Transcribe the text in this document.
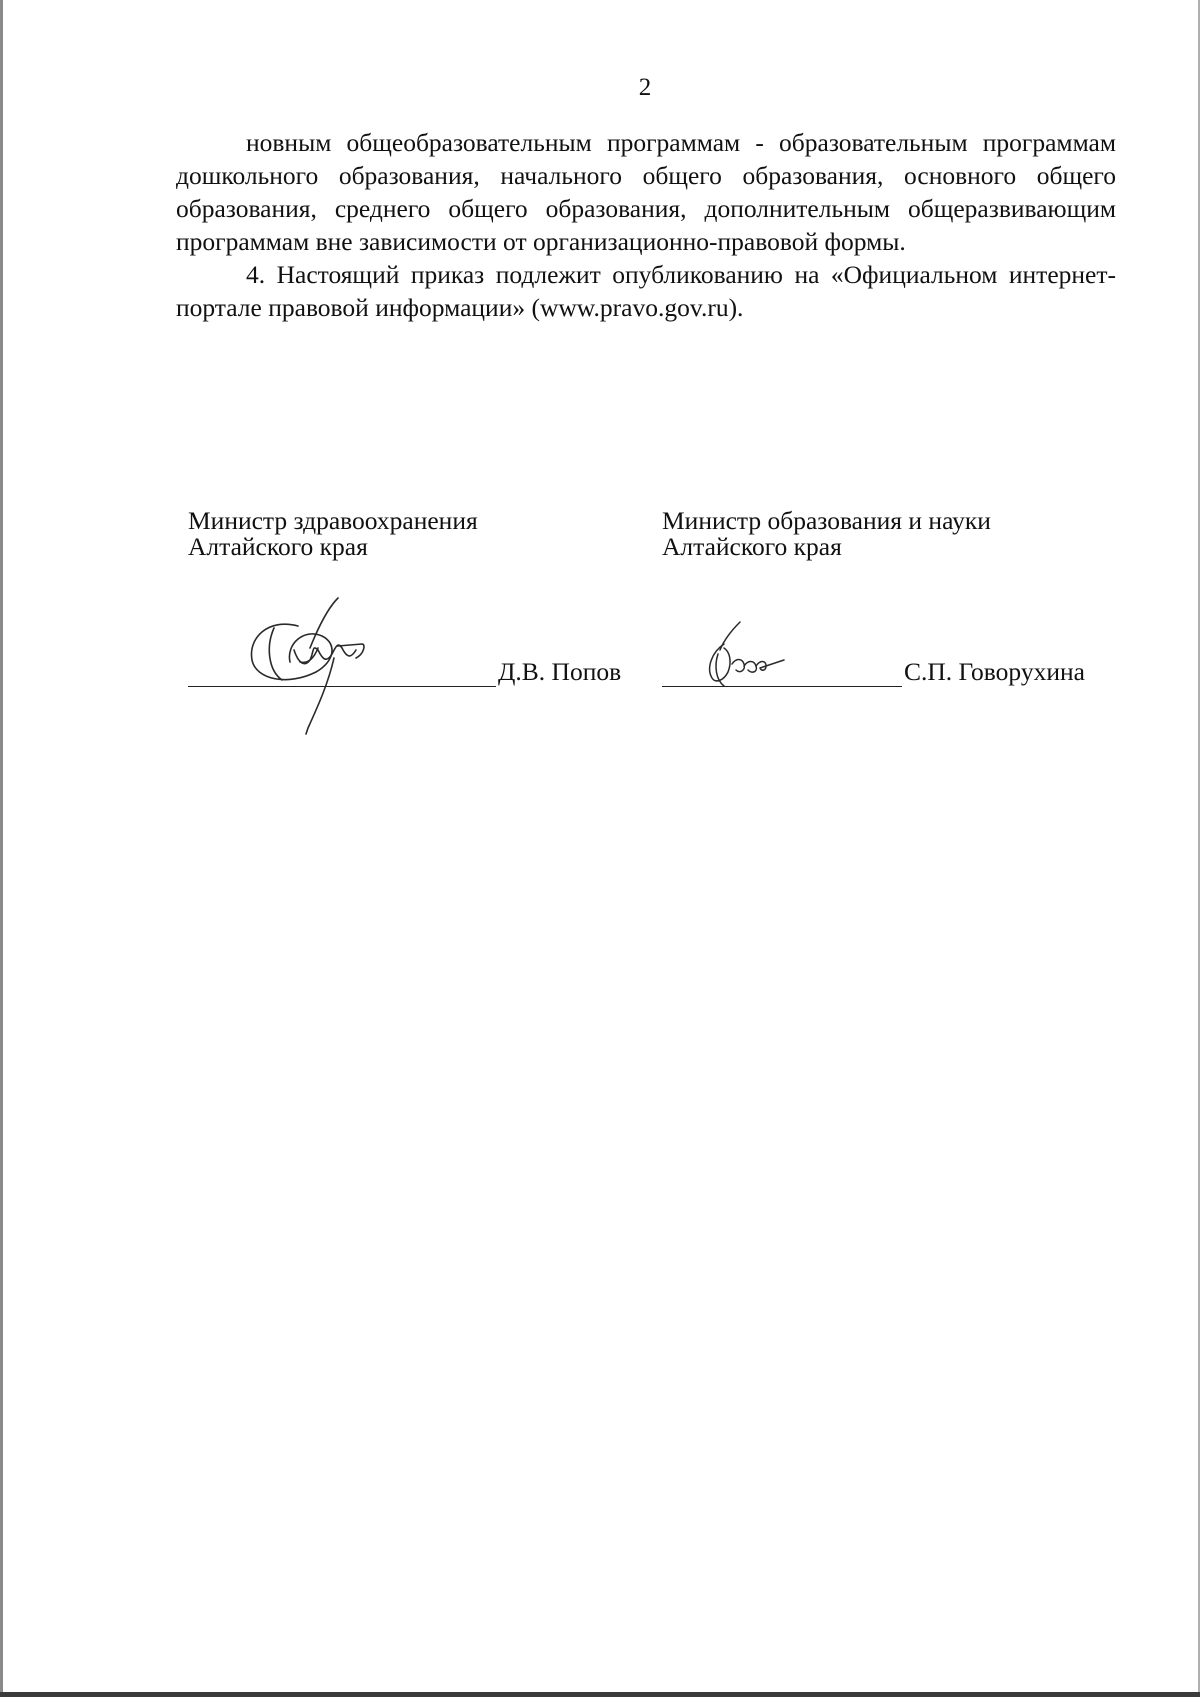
2

новным общеобразовательным программам - образовательным программам дошкольного образования, начального общего образования, основного общего образования, среднего общего образования, дополнительным общеразвивающим программам вне зависимости от организационно-правовой формы.

4. Настоящий приказ подлежит опубликованию на «Официальном интернет-портале правовой информации» (www.pravo.gov.ru).

Министр здравоохранения
Алтайского края
Д.В. Попов
Министр образования и науки
Алтайского края
С.П. Говорухина
